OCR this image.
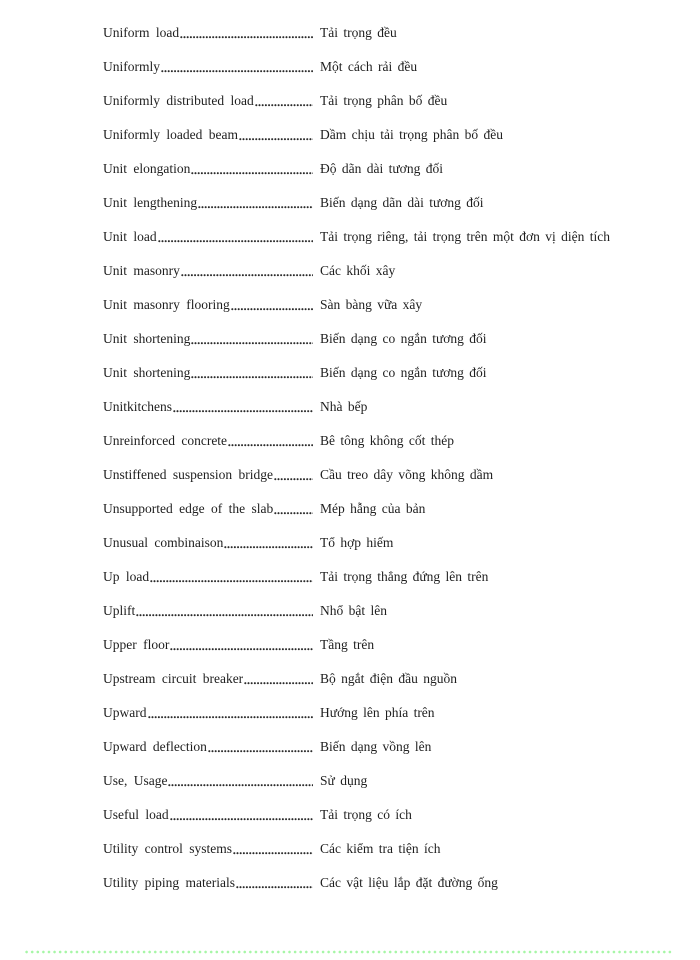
Uniform load	Tải trọng đều

Uniformly	Một cách rải đều

Uniformly distributed load	Tải trọng phân bố đều

Uniformly loaded beam	Dầm chịu tải trọng phân bố đều

Unit elongation	Độ dãn dài tương đối

Unit lengthening	Biến dạng dãn dài tương đối

Unit load	Tải trọng riêng, tải trọng trên một đơn vị diện tích

Unit masonry	Các khối xây

Unit masonry flooring	Sàn bàng vữa xây

Unit shortening	Biến dạng co ngắn tương đối

Unit shortening	Biến dạng co ngắn tương đối

Unitkitchens	Nhà bếp

Unreinforced concrete	Bê tông không cốt thép

Unstiffened suspension bridge	Cầu treo dây võng không dầm

Unsupported edge of the slab	Mép hẫng của bản

Unusual combinaison	Tổ hợp hiếm

Up load	Tải trọng thẳng đứng lên trên

Uplift	Nhổ bật lên

Upper floor	Tầng trên

Upstream circuit breaker	Bộ ngắt điện đầu nguồn

Upward	Hướng lên phía trên

Upward deflection	Biến dạng vồng lên

Use, Usage	Sử dụng

Useful load	Tải trọng có ích

Utility control systems	Các kiểm tra tiện ích

Utility piping materials	Các vật liệu lắp đặt đường ống
